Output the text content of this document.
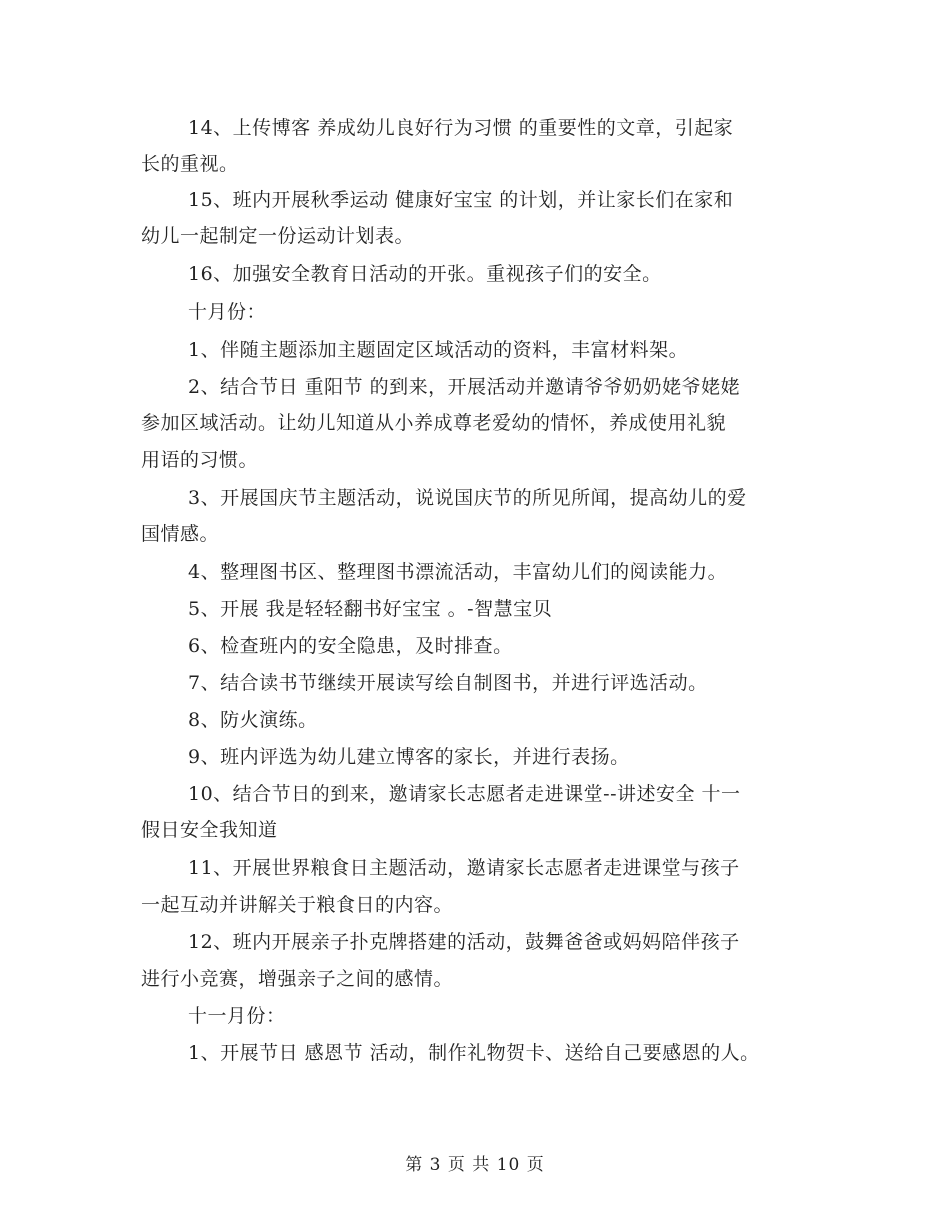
14、上传博客 养成幼儿良好行为习惯 的重要性的文章，引起家
长的重视。
15、班内开展秋季运动 健康好宝宝 的计划，并让家长们在家和
幼儿一起制定一份运动计划表。
16、加强安全教育日活动的开张。重视孩子们的安全。
十月份：
1、伴随主题添加主题固定区域活动的资料，丰富材料架。
2、结合节日 重阳节 的到来，开展活动并邀请爷爷奶奶姥爷姥姥
参加区域活动。让幼儿知道从小养成尊老爱幼的情怀，养成使用礼貌
用语的习惯。
3、开展国庆节主题活动，说说国庆节的所见所闻，提高幼儿的爱
国情感。
4、整理图书区、整理图书漂流活动，丰富幼儿们的阅读能力。
5、开展 我是轻轻翻书好宝宝 。-智慧宝贝
6、检查班内的安全隐患，及时排查。
7、结合读书节继续开展读写绘自制图书，并进行评选活动。
8、防火演练。
9、班内评选为幼儿建立博客的家长，并进行表扬。
10、结合节日的到来，邀请家长志愿者走进课堂--讲述安全 十一
假日安全我知道
11、开展世界粮食日主题活动，邀请家长志愿者走进课堂与孩子
一起互动并讲解关于粮食日的内容。
12、班内开展亲子扑克牌搭建的活动，鼓舞爸爸或妈妈陪伴孩子
进行小竞赛，增强亲子之间的感情。
十一月份：
1、开展节日 感恩节 活动，制作礼物贺卡、送给自己要感恩的人。
第 3 页 共 10 页
